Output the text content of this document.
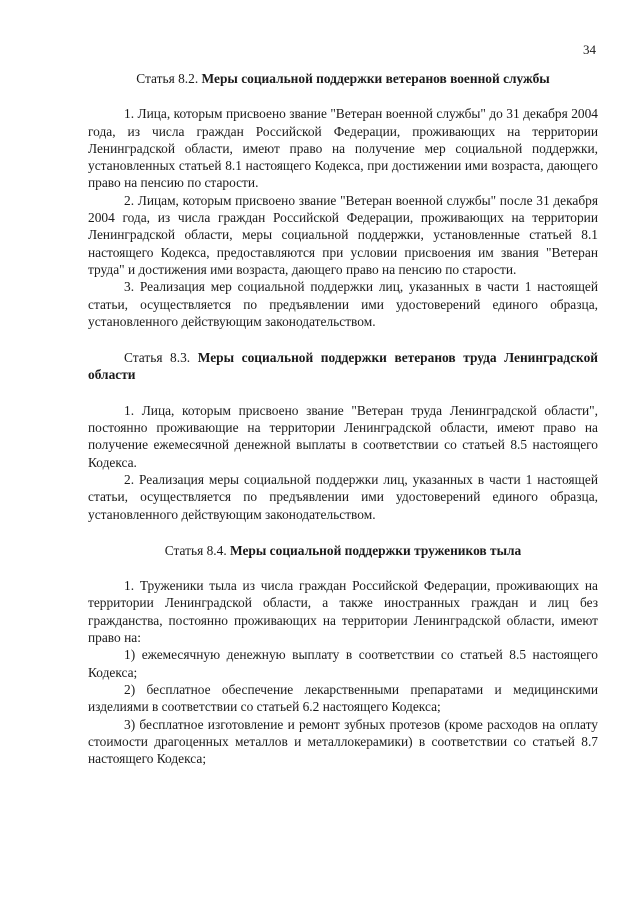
34

Статья 8.2. Меры социальной поддержки ветеранов военной службы

1. Лица, которым присвоено звание "Ветеран военной службы" до 31 декабря 2004 года, из числа граждан Российской Федерации, проживающих на территории Ленинградской области, имеют право на получение мер социальной поддержки, установленных статьей 8.1 настоящего Кодекса, при достижении ими возраста, дающего право на пенсию по старости.

2. Лицам, которым присвоено звание "Ветеран военной службы" после 31 декабря 2004 года, из числа граждан Российской Федерации, проживающих на территории Ленинградской области, меры социальной поддержки, установленные статьей 8.1 настоящего Кодекса, предоставляются при условии присвоения им звания "Ветеран труда" и достижения ими возраста, дающего право на пенсию по старости.

3. Реализация мер социальной поддержки лиц, указанных в части 1 настоящей статьи, осуществляется по предъявлении ими удостоверений единого образца, установленного действующим законодательством.

Статья 8.3. Меры социальной поддержки ветеранов труда Ленинградской области

1. Лица, которым присвоено звание "Ветеран труда Ленинградской области", постоянно проживающие на территории Ленинградской области, имеют право на получение ежемесячной денежной выплаты в соответствии со статьей 8.5 настоящего Кодекса.

2. Реализация меры социальной поддержки лиц, указанных в части 1 настоящей статьи, осуществляется по предъявлении ими удостоверений единого образца, установленного действующим законодательством.

Статья 8.4. Меры социальной поддержки тружеников тыла

1. Труженики тыла из числа граждан Российской Федерации, проживающих на территории Ленинградской области, а также иностранных граждан и лиц без гражданства, постоянно проживающих на территории Ленинградской области, имеют право на:

1) ежемесячную денежную выплату в соответствии со статьей 8.5 настоящего Кодекса;

2) бесплатное обеспечение лекарственными препаратами и медицинскими изделиями в соответствии со статьей 6.2 настоящего Кодекса;

3) бесплатное изготовление и ремонт зубных протезов (кроме расходов на оплату стоимости драгоценных металлов и металлокерамики) в соответствии со статьей 8.7 настоящего Кодекса;
